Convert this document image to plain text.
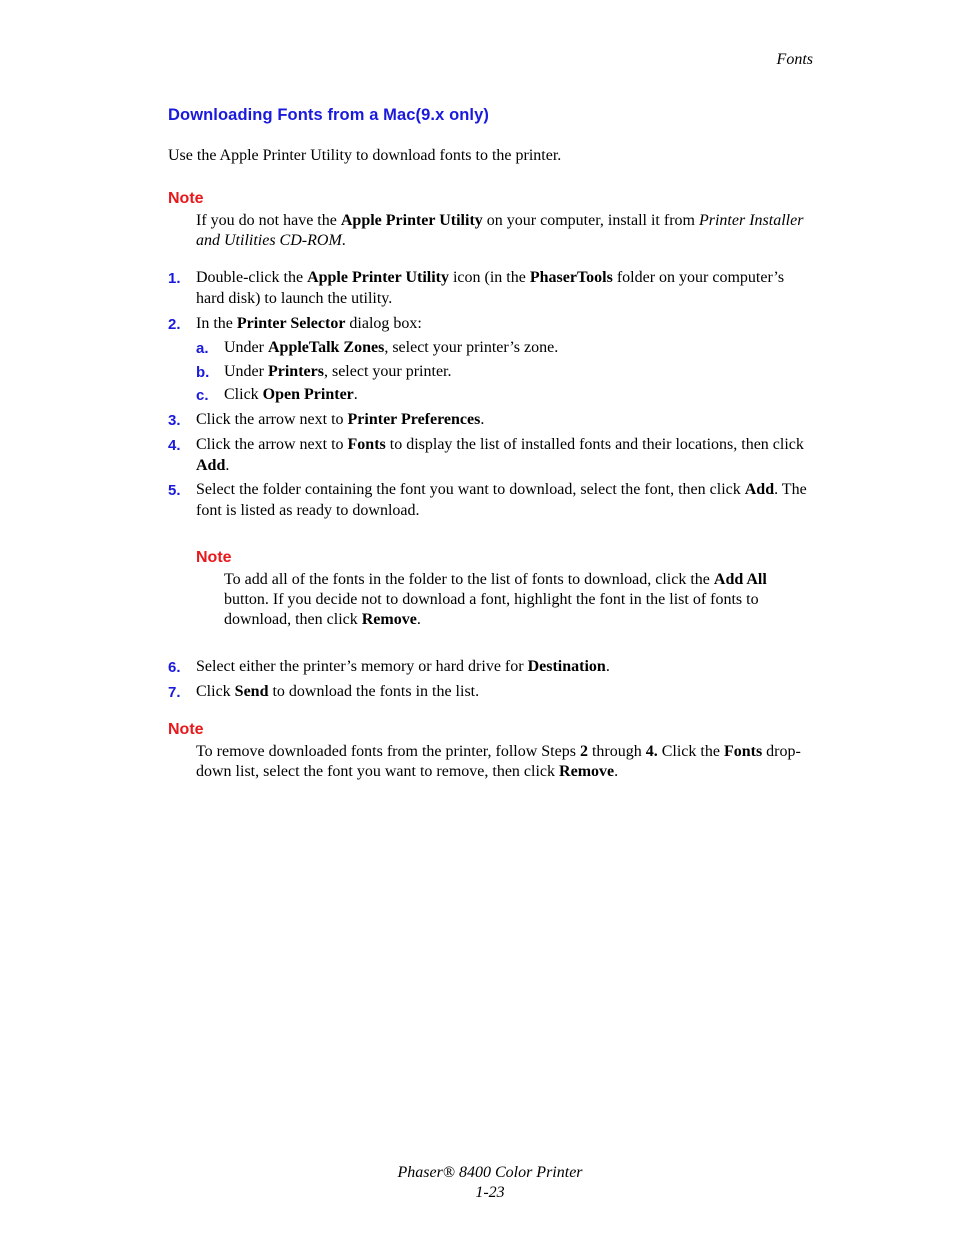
Fonts
Downloading Fonts from a Mac(9.x only)
Use the Apple Printer Utility to download fonts to the printer.
Note
If you do not have the Apple Printer Utility on your computer, install it from Printer Installer and Utilities CD-ROM.
1. Double-click the Apple Printer Utility icon (in the PhaserTools folder on your computer’s hard disk) to launch the utility.
2. In the Printer Selector dialog box:
a. Under AppleTalk Zones, select your printer’s zone.
b. Under Printers, select your printer.
c. Click Open Printer.
3. Click the arrow next to Printer Preferences.
4. Click the arrow next to Fonts to display the list of installed fonts and their locations, then click Add.
5. Select the folder containing the font you want to download, select the font, then click Add. The font is listed as ready to download.
Note
To add all of the fonts in the folder to the list of fonts to download, click the Add All button. If you decide not to download a font, highlight the font in the list of fonts to download, then click Remove.
6. Select either the printer’s memory or hard drive for Destination.
7. Click Send to download the fonts in the list.
Note
To remove downloaded fonts from the printer, follow Steps 2 through 4. Click the Fonts drop-down list, select the font you want to remove, then click Remove.
Phaser® 8400 Color Printer
1-23
